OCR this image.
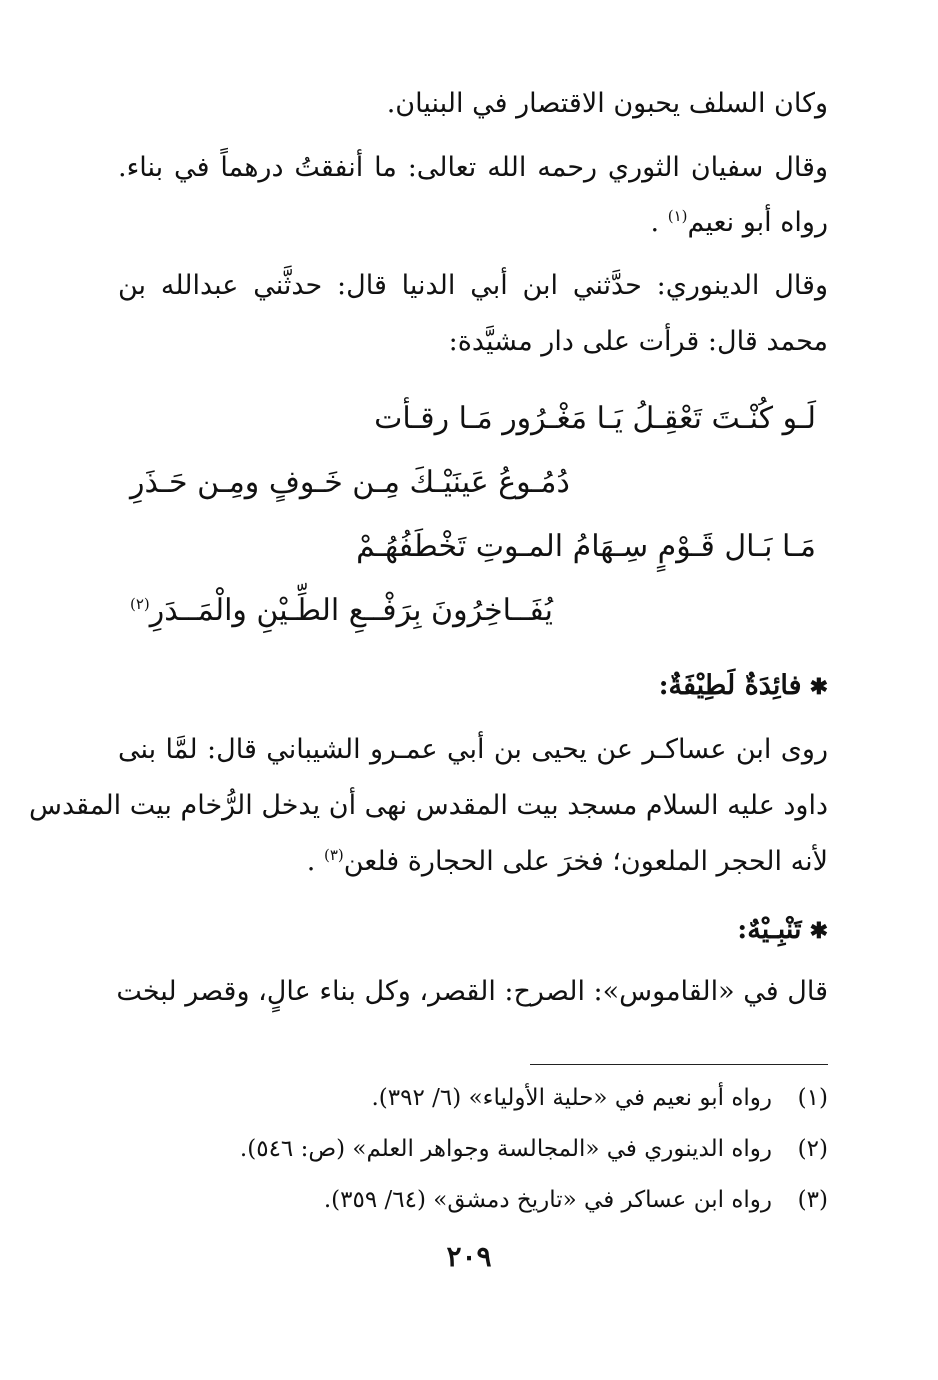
وكان السلف يحبون الاقتصار في البنيان.
وقال سفيان الثوري رحمه الله تعالى: ما أنفقتُ درهماً في بناء.
رواه أبو نعيم$^{(١)}$ .
وقال الدينوري: حدَّثني ابن أبي الدنيا قال: حدثَّني عبدالله بن
محمد قال: قرأت على دار مشيَّدة:
لَـو كُنْـتَ تَعْقِـلُ يَـا مَغْـرُور مَـا رقـأت
دُمُـوعُ عَينَيْـكَ مِـن خَـوفٍ ومِـن حَـذَرِ
مَـا بَـال قَـوْمٍ سِـهَامُ المـوتِ تَخْطَفُهُـمْ
يُفَــاخِرُونَ بِرَفْــعِ الطِّـيْنِ والْمَــدَرِ$^{(٢)}$
✱فائِدَةٌ لَطِيْفَةٌ:
روى ابن عساكـر عن يحيى بن أبي عمـرو الشيباني قال: لمَّا بنى
داود عليه السلام مسجد بيت المقدس نهى أن يدخل الرُّخام بيت المقدس
لأنه الحجر الملعون؛ فخرَ على الحجارة فلعن$^{(٣)}$ .
✱تَنْبِـيْهٌ:
قال في «القاموس»: الصرح: القصر، وكل بناء عالٍ، وقصر لبخت
(١)رواه أبو نعيم في «حلية الأولياء» (٦/ ٣٩٢).
(٢)رواه الدينوري في «المجالسة وجواهر العلم» (ص: ٥٤٦).
(٣)رواه ابن عساكر في «تاريخ دمشق» (٦٤/ ٣٥٩).
٢٠٩
